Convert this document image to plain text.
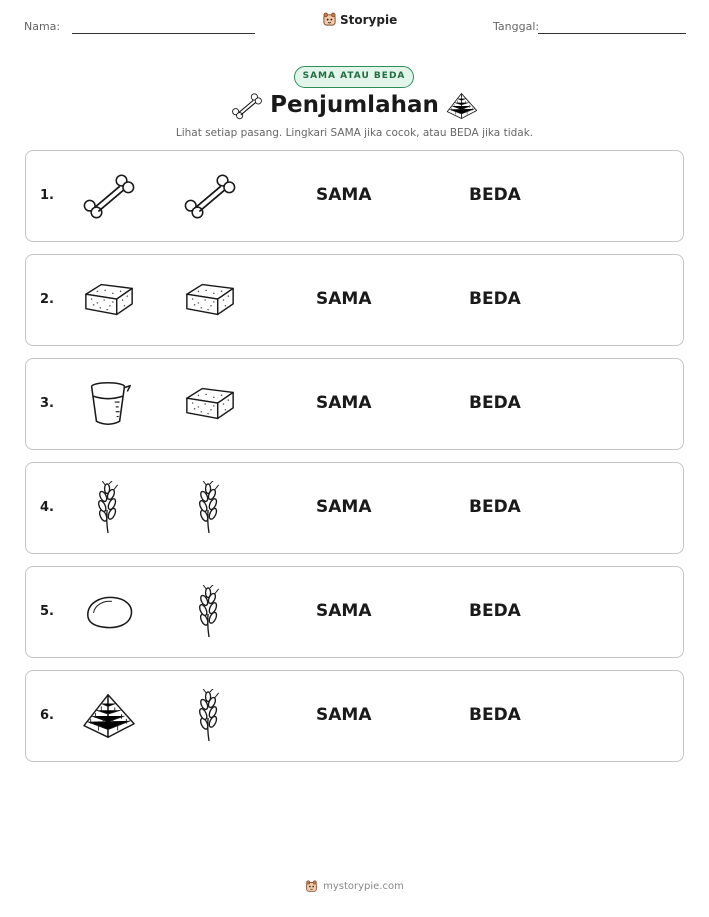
Nama:	Storypie	Tanggal:
SAMA ATAU BEDA
Penjumlahan
Lihat setiap pasang. Lingkari SAMA jika cocok, atau BEDA jika tidak.
1.	SAMA	BEDA
2.	SAMA	BEDA
3.	SAMA	BEDA
4.	SAMA	BEDA
5.	SAMA	BEDA
6.	SAMA	BEDA
mystorypie.com
